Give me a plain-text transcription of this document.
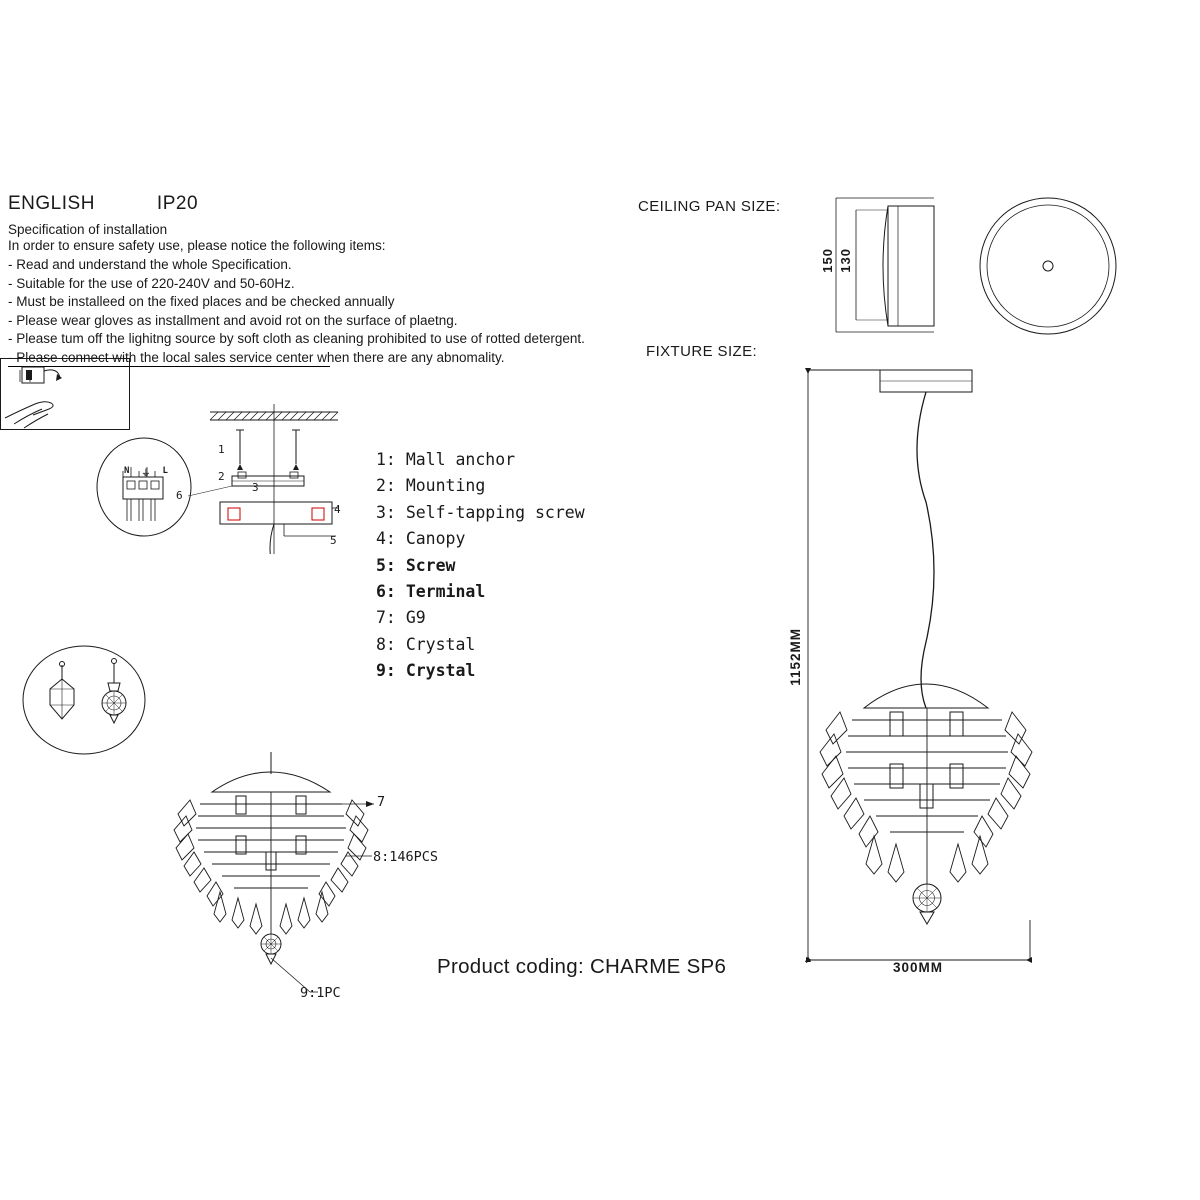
ENGLISH	IP20
Specification of installation
In order to ensure safety use, please notice the following items:
- Read and understand the whole Specification.
- Suitable for the use of 220-240V and 50-60Hz.
- Must be installeed on the fixed places and be checked annually
- Please wear gloves as installment and avoid rot on the surface of plaetng.
- Please tum off the lighitng source by soft cloth as cleaning prohibited to use of rotted detergent.
- Please connect with the local sales service center when there are any abnomality.
N ⏚ L
1
2
3
4
5
6
1: Mall anchor
2: Mounting
3: Self-tapping screw
4: Canopy
5: Screw
6: Terminal
7: G9
8: Crystal
9: Crystal
7
8:146PCS
9:1PC
Product coding: CHARME SP6
CEILING PAN SIZE:
150 130
FIXTURE SIZE:
1152MM
300MM
